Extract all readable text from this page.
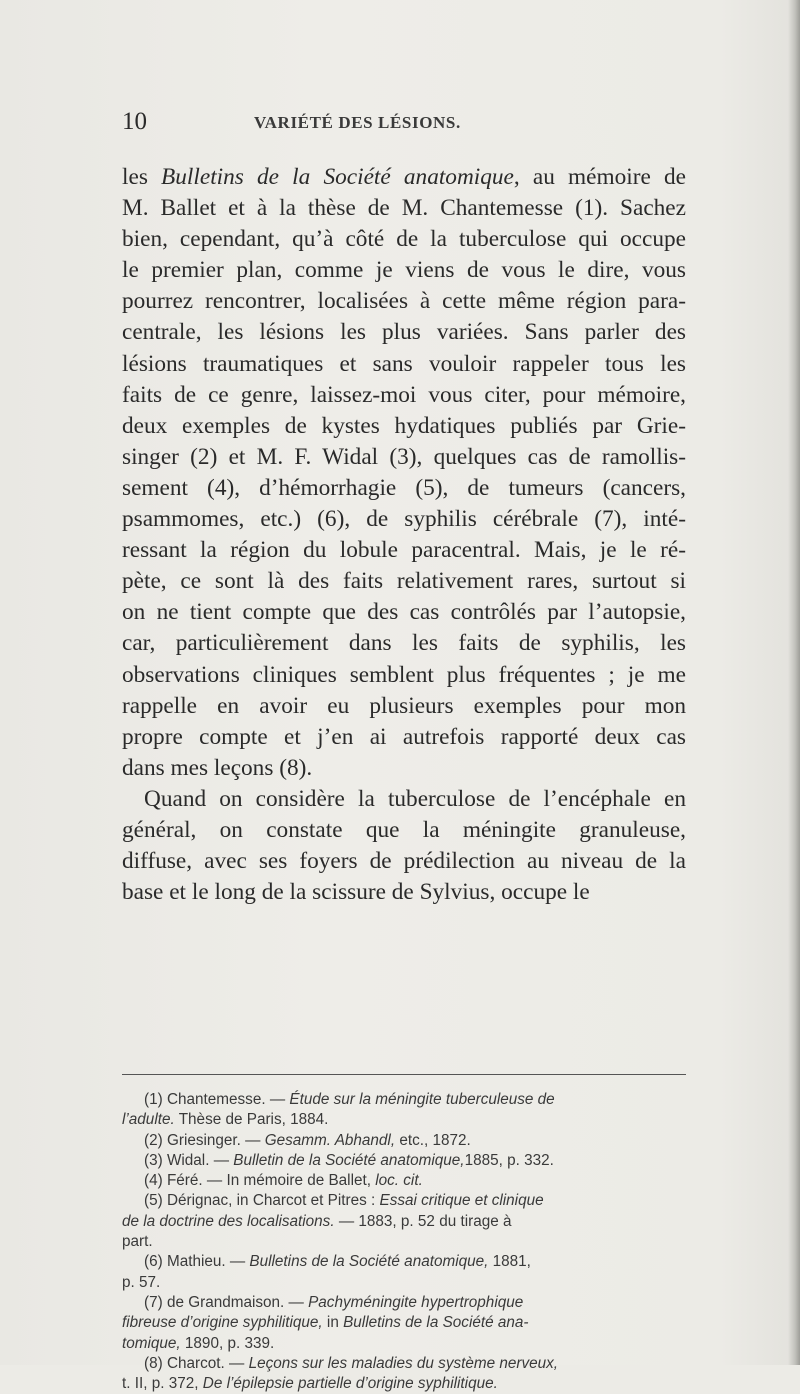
10	VARIÉTÉ DES LÉSIONS.
les Bulletins de la Société anatomique, au mémoire de
M. Ballet et à la thèse de M. Chantemesse (1). Sachez
bien, cependant, qu’à côté de la tuberculose qui occupe
le premier plan, comme je viens de vous le dire, vous
pourrez rencontrer, localisées à cette même région para-
centrale, les lésions les plus variées. Sans parler des
lésions traumatiques et sans vouloir rappeler tous les
faits de ce genre, laissez-moi vous citer, pour mémoire,
deux exemples de kystes hydatiques publiés par Grie-
singer (2) et M. F. Widal (3), quelques cas de ramollis-
sement (4), d’hémorrhagie (5), de tumeurs (cancers,
psammomes, etc.) (6), de syphilis cérébrale (7), inté-
ressant la région du lobule paracentral. Mais, je le ré-
pète, ce sont là des faits relativement rares, surtout si
on ne tient compte que des cas contrôlés par l’autopsie,
car, particulièrement dans les faits de syphilis, les
observations cliniques semblent plus fréquentes ; je me
rappelle en avoir eu plusieurs exemples pour mon
propre compte et j’en ai autrefois rapporté deux cas
dans mes leçons (8).
Quand on considère la tuberculose de l’encéphale en
général, on constate que la méningite granuleuse,
diffuse, avec ses foyers de prédilection au niveau de la
base et le long de la scissure de Sylvius, occupe le
(1) Chantemesse. — Étude sur la méningite tuberculeuse de
l’adulte. Thèse de Paris, 1884.
(2) Griesinger. — Gesamm. Abhandl, etc., 1872.
(3) Widal. — Bulletin de la Société anatomique,1885, p. 332.
(4) Féré. — In mémoire de Ballet, loc. cit.
(5) Dérignac, in Charcot et Pitres : Essai critique et clinique
de la doctrine des localisations. — 1883, p. 52 du tirage à
part.
(6) Mathieu. — Bulletins de la Société anatomique, 1881,
p. 57.
(7) de Grandmaison. — Pachyméningite hypertrophique
fibreuse d’origine syphilitique, in Bulletins de la Société ana-
tomique, 1890, p. 339.
(8) Charcot. — Leçons sur les maladies du système nerveux,
t. II, p. 372, De l’épilepsie partielle d’origine syphilitique.
